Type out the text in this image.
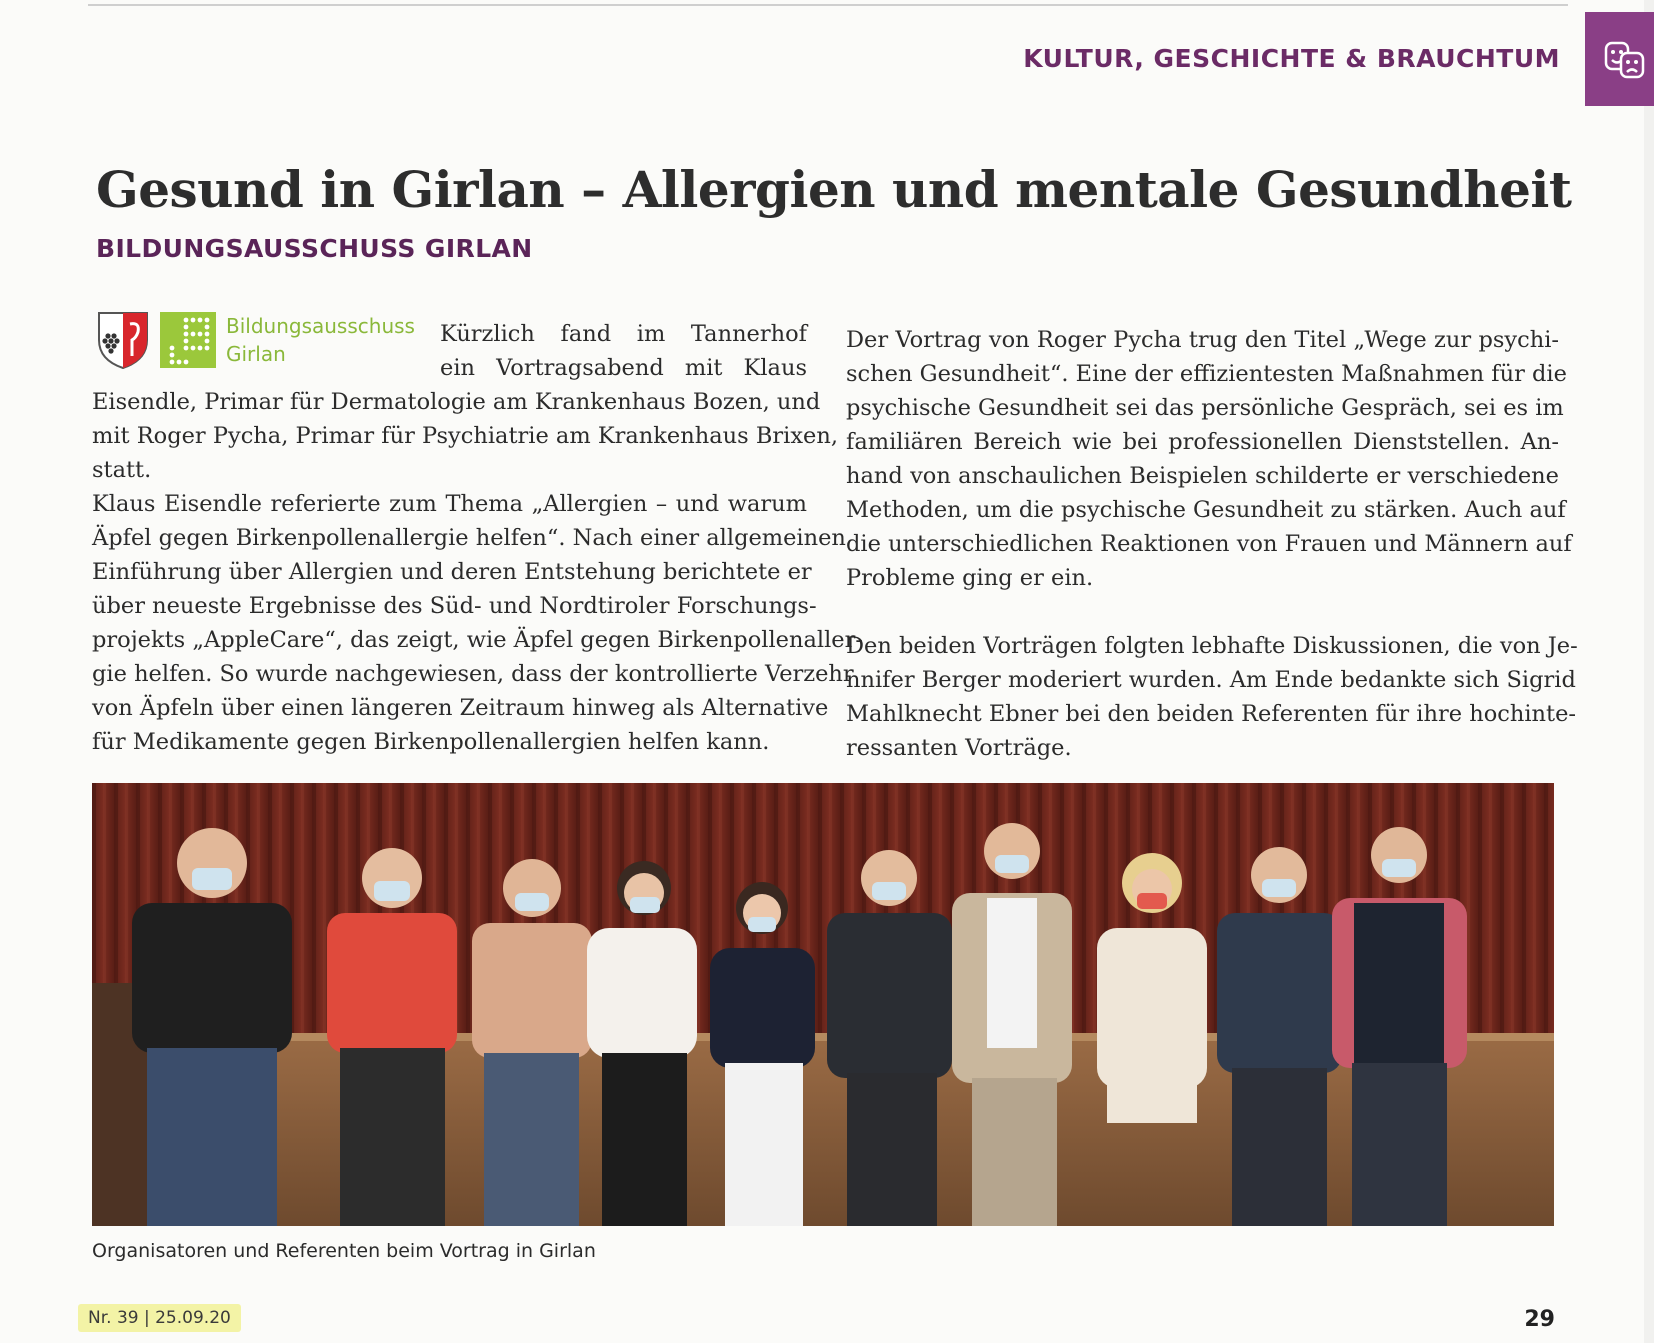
KULTUR, GESCHICHTE & BRAUCHTUM
Gesund in Girlan – Allergien und mentale Gesundheit
BILDUNGSAUSSCHUSS GIRLAN
Bildungsausschuss
Girlan
Kürzlich fand im Tannerhof
ein Vortragsabend mit Klaus
Eisendle, Primar für Dermatologie am Krankenhaus Bozen, und
mit Roger Pycha, Primar für Psychiatrie am Krankenhaus Brixen,
statt.
Klaus Eisendle referierte zum Thema „Allergien – und warum
Äpfel gegen Birkenpollenallergie helfen“. Nach einer allgemeinen
Einführung über Allergien und deren Entstehung berichtete er
über neueste Ergebnisse des Süd- und Nordtiroler Forschungs-
projekts „AppleCare“, das zeigt, wie Äpfel gegen Birkenpollenaller-
gie helfen. So wurde nachgewiesen, dass der kontrollierte Verzehr
von Äpfeln über einen längeren Zeitraum hinweg als Alternative
für Medikamente gegen Birkenpollenallergien helfen kann.
Der Vortrag von Roger Pycha trug den Titel „Wege zur psychi-
schen Gesundheit“. Eine der effizientesten Maßnahmen für die
psychische Gesundheit sei das persönliche Gespräch, sei es im
familiären Bereich wie bei professionellen Dienststellen. An-
hand von anschaulichen Beispielen schilderte er verschiedene
Methoden, um die psychische Gesundheit zu stärken. Auch auf
die unterschiedlichen Reaktionen von Frauen und Männern auf
Probleme ging er ein.
Den beiden Vorträgen folgten lebhafte Diskussionen, die von Je-
nnifer Berger moderiert wurden. Am Ende bedankte sich Sigrid
Mahlknecht Ebner bei den beiden Referenten für ihre hochinte-
ressanten Vorträge.
Organisatoren und Referenten beim Vortrag in Girlan
Nr. 39 | 25.09.20	29
